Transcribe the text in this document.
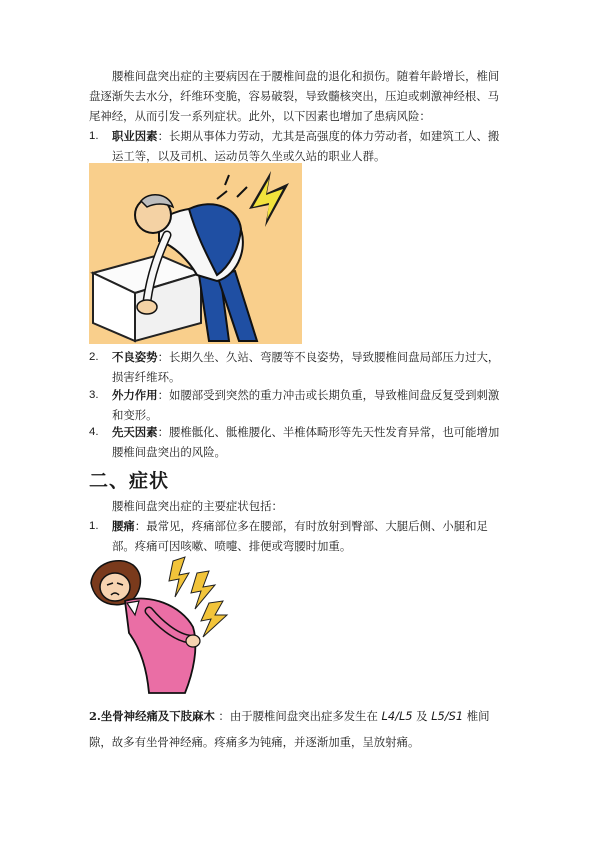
腰椎间盘突出症的主要病因在于腰椎间盘的退化和损伤。随着年龄增长，椎间盘逐渐失去水分，纤维环变脆，容易破裂，导致髓核突出，压迫或刺激神经根、马尾神经，从而引发一系列症状。此外，以下因素也增加了患病风险：

1. 职业因素：长期从事体力劳动，尤其是高强度的体力劳动者，如建筑工人、搬运工等，以及司机、运动员等久坐或久站的职业人群。
2. 不良姿势：长期久坐、久站、弯腰等不良姿势，导致腰椎间盘局部压力过大，损害纤维环。
3. 外力作用：如腰部受到突然的重力冲击或长期负重，导致椎间盘反复受到刺激和变形。
4. 先天因素：腰椎骶化、骶椎腰化、半椎体畸形等先天性发育异常，也可能增加腰椎间盘突出的风险。
二、症状

腰椎间盘突出症的主要症状包括：

1. 腰痛：最常见，疼痛部位多在腰部，有时放射到臀部、大腿后侧、小腿和足部。疼痛可因咳嗽、喷嚏、排便或弯腰时加重。
2.坐骨神经痛及下肢麻木 ：由于腰椎间盘突出症多发生在 L4/L5 及 L5/S1 椎间隙，故多有坐骨神经痛。疼痛多为钝痛，并逐渐加重，呈放射痛。
